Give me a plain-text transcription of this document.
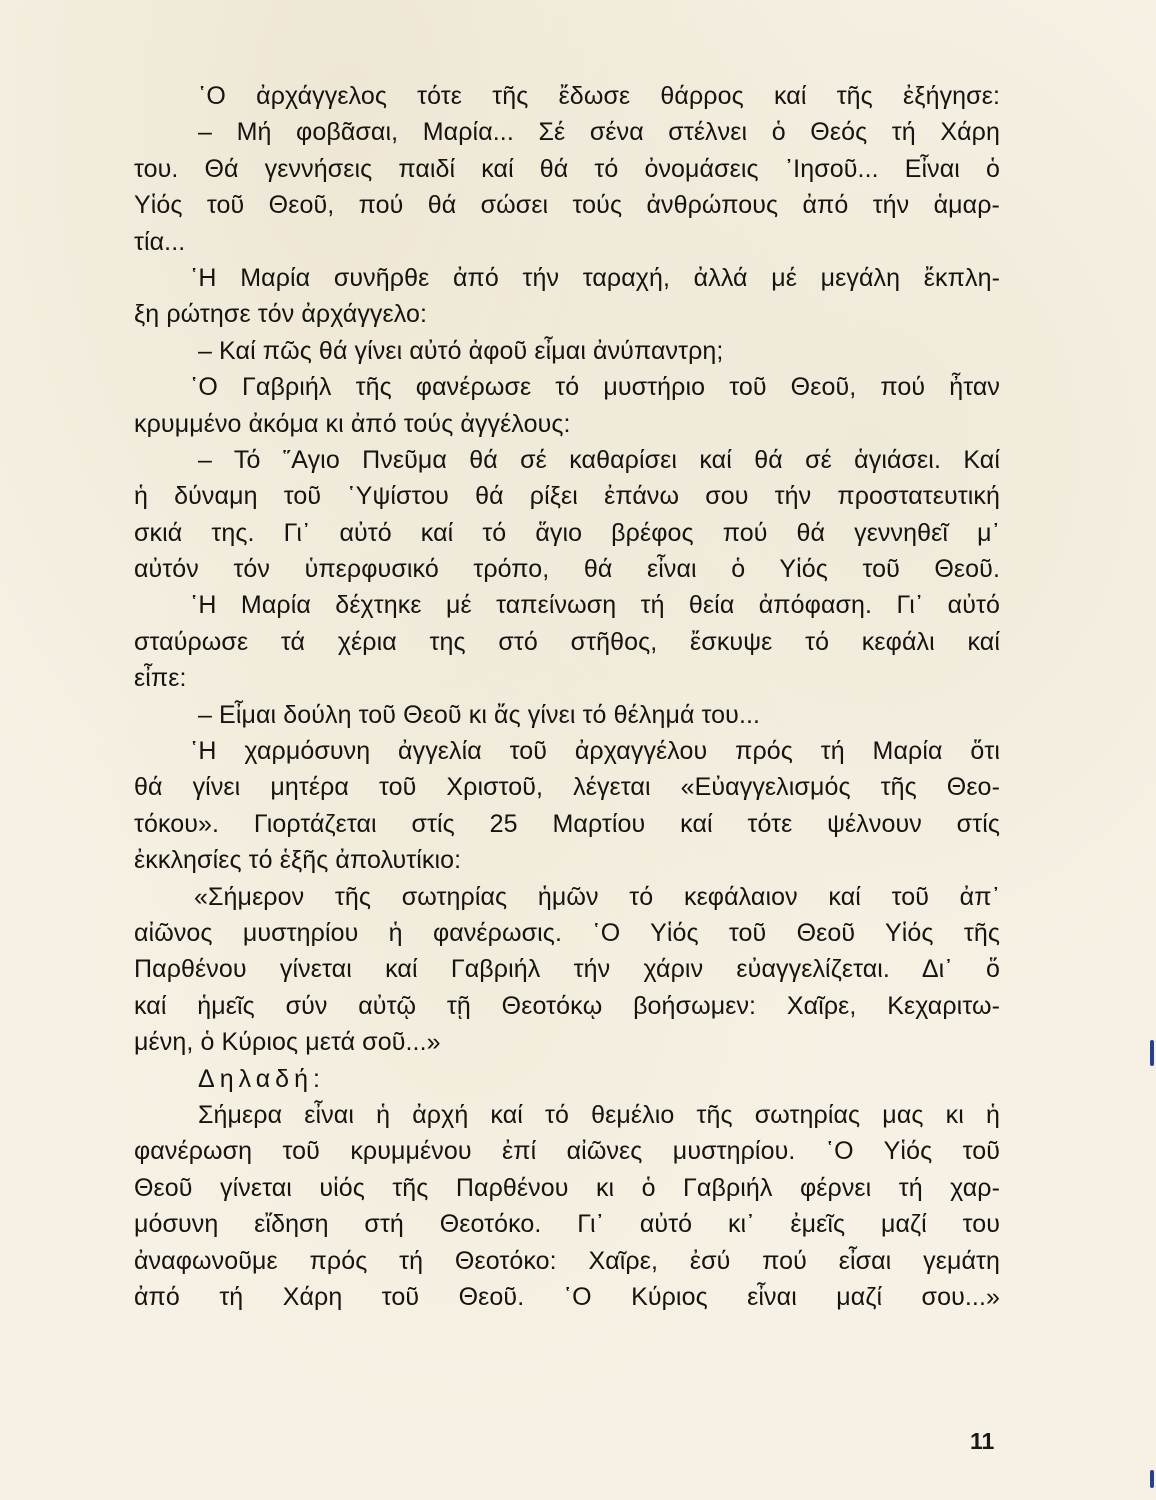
῾Ο ἀρχάγγελος τότε τῆς ἔδωσε θάρρος καί τῆς ἐξήγησε:
– Μή φοβᾶσαι, Μαρία... Σέ σένα στέλνει ὁ Θεός τή Χάρη
του. Θά γεννήσεις παιδί καί θά τό ὀνομάσεις ᾽Ιησοῦ... Εἶναι ὁ
Υἱός τοῦ Θεοῦ, πού θά σώσει τούς ἀνθρώπους ἀπό τήν ἁμαρ-
τία...
῾Η Μαρία συνῆρθε ἀπό τήν ταραχή, ἀλλά μέ μεγάλη ἔκπλη-
ξη ρώτησε τόν ἀρχάγγελο:
– Καί πῶς θά γίνει αὐτό ἀφοῦ εἶμαι ἀνύπαντρη;
῾Ο Γαβριήλ τῆς φανέρωσε τό μυστήριο τοῦ Θεοῦ, πού ἦταν
κρυμμένο ἀκόμα κι ἀπό τούς ἀγγέλους:
– Τό ῞Αγιο Πνεῦμα θά σέ καθαρίσει καί θά σέ ἁγιάσει. Καί
ἡ δύναμη τοῦ ῾Υψίστου θά ρίξει ἐπάνω σου τήν προστατευτική
σκιά της. Γι᾽ αὐτό καί τό ἅγιο βρέφος πού θά γεννηθεῖ μ᾽
αὐτόν τόν ὑπερφυσικό τρόπο, θά εἶναι ὁ Υἱός τοῦ Θεοῦ.
῾Η Μαρία δέχτηκε μέ ταπείνωση τή θεία ἀπόφαση. Γι᾽ αὐτό
σταύρωσε τά χέρια της στό στῆθος, ἔσκυψε τό κεφάλι καί
εἶπε:
– Εἶμαι δούλη τοῦ Θεοῦ κι ἄς γίνει τό θέλημά του...
῾Η χαρμόσυνη ἀγγελία τοῦ ἀρχαγγέλου πρός τή Μαρία ὅτι
θά γίνει μητέρα τοῦ Χριστοῦ, λέγεται «Εὐαγγελισμός τῆς Θεο-
τόκου». Γιορτάζεται στίς 25 Μαρτίου καί τότε ψέλνουν στίς
ἐκκλησίες τό ἑξῆς ἀπολυτίκιο:
«Σήμερον τῆς σωτηρίας ἡμῶν τό κεφάλαιον καί τοῦ ἀπ᾽
αἰῶνος μυστηρίου ἡ φανέρωσις. ῾Ο Υἱός τοῦ Θεοῦ Υἱός τῆς
Παρθένου γίνεται καί Γαβριήλ τήν χάριν εὐαγγελίζεται. Δι᾽ ὅ
καί ἡμεῖς σύν αὐτῷ τῇ Θεοτόκῳ βοήσωμεν: Χαῖρε, Κεχαριτω-
μένη, ὁ Κύριος μετά σοῦ...»
Δηλαδή:
Σήμερα εἶναι ἡ ἀρχή καί τό θεμέλιο τῆς σωτηρίας μας κι ἡ
φανέρωση τοῦ κρυμμένου ἐπί αἰῶνες μυστηρίου. ῾Ο Υἱός τοῦ
Θεοῦ γίνεται υἱός τῆς Παρθένου κι ὁ Γαβριήλ φέρνει τή χαρ-
μόσυνη εἴδηση στή Θεοτόκο. Γι᾽ αὐτό κι᾽ ἐμεῖς μαζί του
ἀναφωνοῦμε πρός τή Θεοτόκο: Χαῖρε, ἐσύ πού εἶσαι γεμάτη
ἀπό τή Χάρη τοῦ Θεοῦ. ῾Ο Κύριος εἶναι μαζί σου...»
11
